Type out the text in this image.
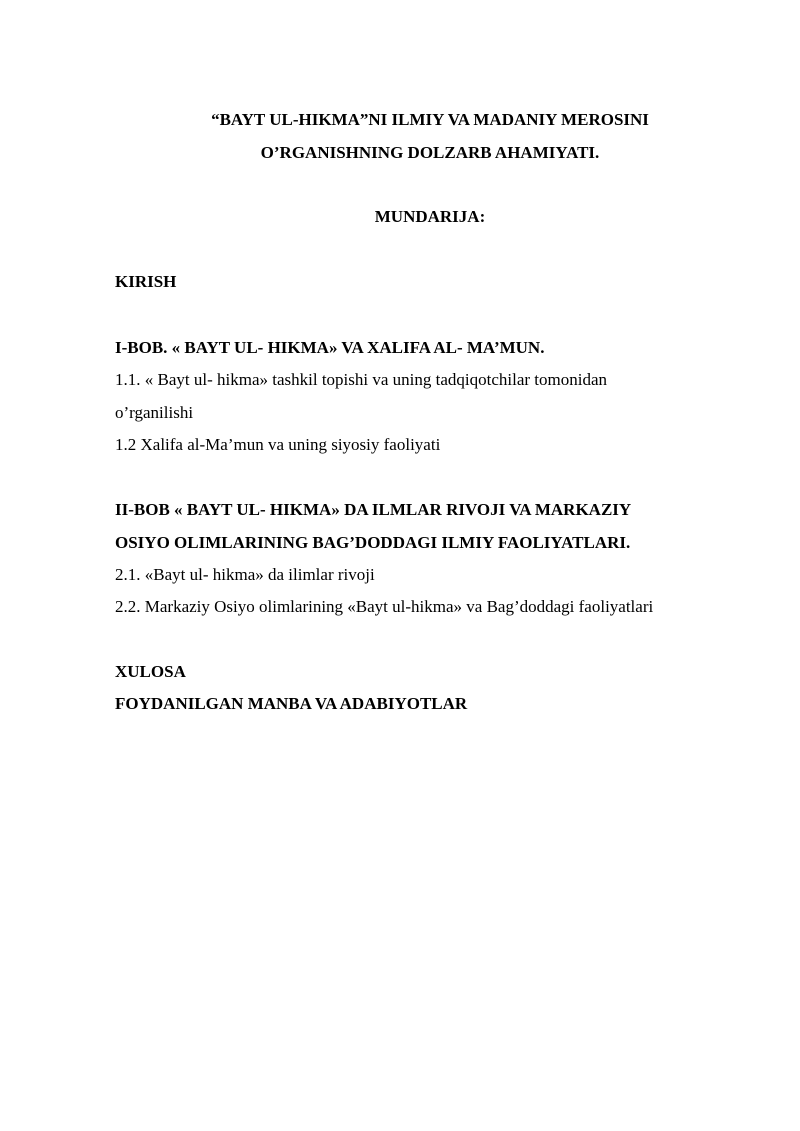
“BAYT UL-HIKMA”NI ILMIY VA MADANIY MEROSINI
O’RGANISHNING DOLZARB AHAMIYATI.
MUNDARIJA:
KIRISH
I-BOB. « BAYT UL- HIKMA» VA XALIFA AL- MA’MUN.
1.1. « Bayt ul- hikma» tashkil topishi va uning tadqiqotchilar tomonidan
o’rganilishi
1.2 Xalifa al-Ma’mun va uning siyosiy faoliyati
II-BOB « BAYT UL- HIKMA» DA ILMLAR RIVOJI VA MARKAZIY
OSIYO OLIMLARINING BAG’DODDAGI ILMIY FAOLIYATLARI.
2.1. «Bayt ul- hikma» da ilimlar rivoji
2.2. Markaziy Osiyo olimlarining «Bayt ul-hikma» va Bag’doddagi faoliyatlari
XULOSA
FOYDANILGAN MANBA VA ADABIYOTLAR
